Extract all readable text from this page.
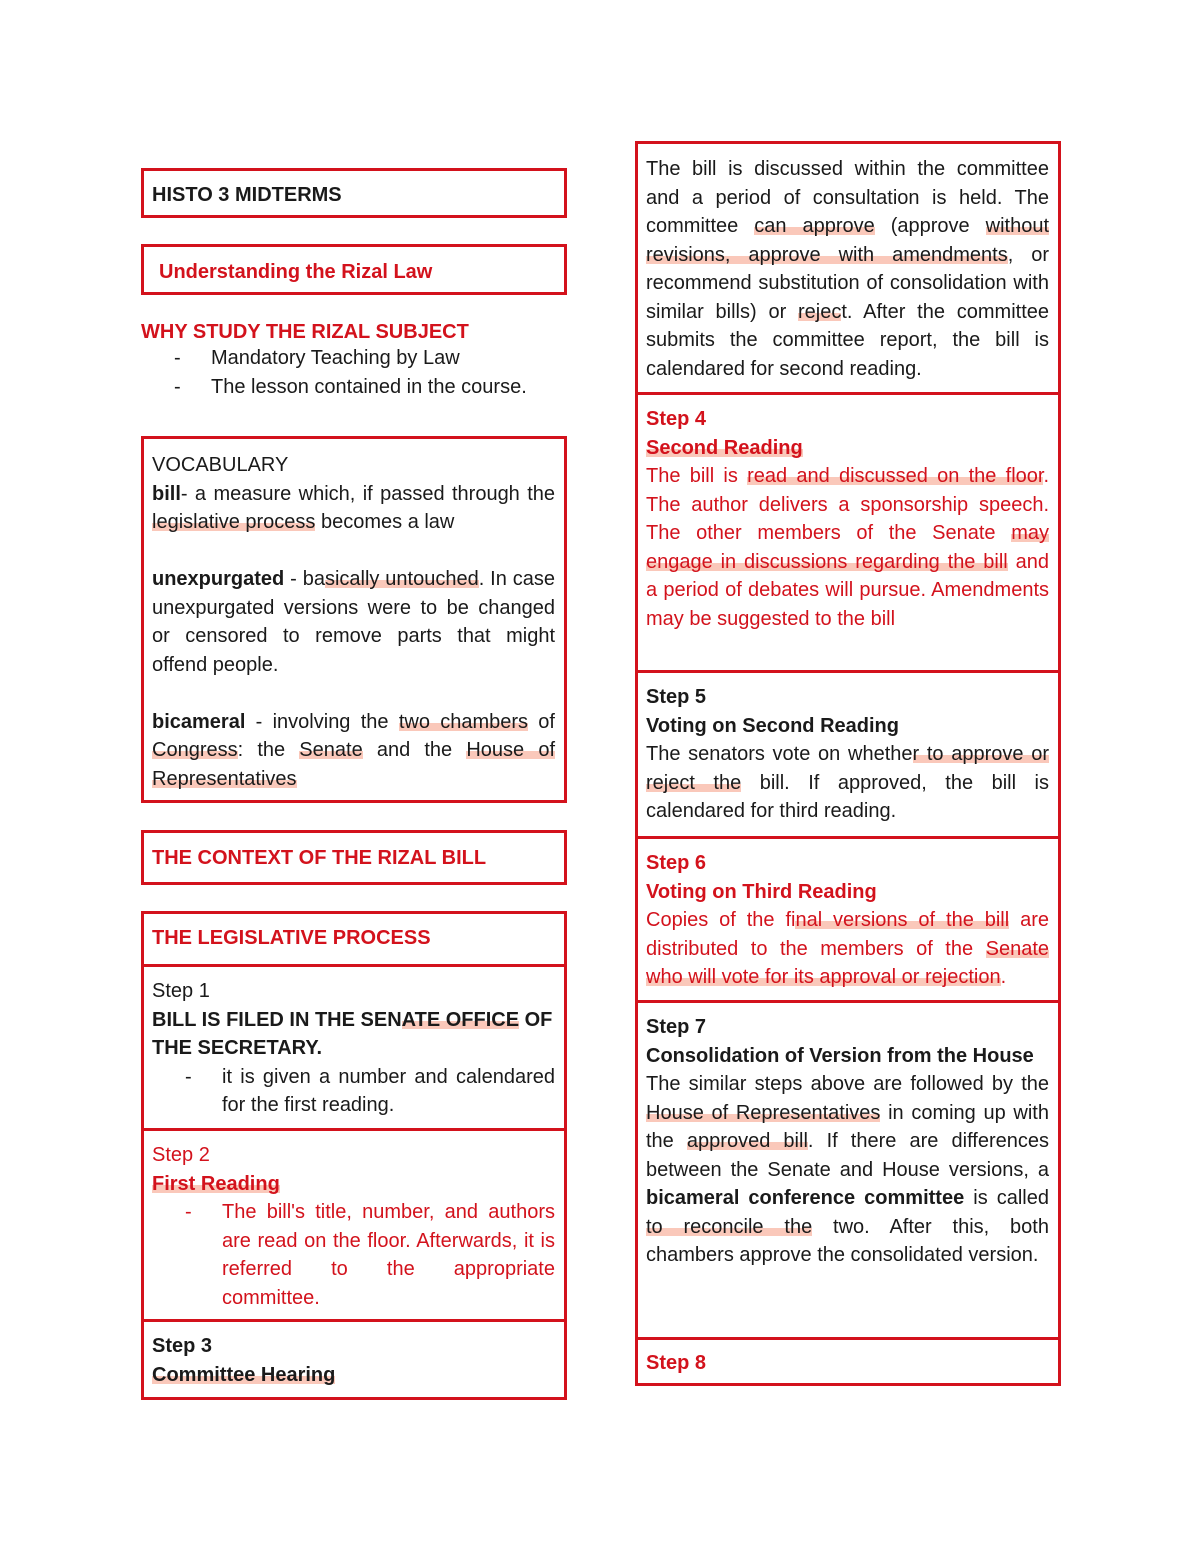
HISTO 3 MIDTERMS
Understanding the Rizal Law
WHY STUDY THE RIZAL SUBJECT
- Mandatory Teaching by Law
- The lesson contained in the course.

VOCABULARY

bill- a measure which, if passed through the legislative process becomes a law

unexpurgated - basically untouched. In case unexpurgated versions were to be changed or censored to remove parts that might offend people.

bicameral - involving the two chambers of Congress: the Senate and the House of Representatives

THE CONTEXT OF THE RIZAL BILL
THE LEGISLATIVE PROCESS

Step 1

BILL IS FILED IN THE SENATE OFFICE OF THE SECRETARY.

- it is given a number and calendared for the first reading.

Step 2

First Reading

- The bill's title, number, and authors are read on the floor. Afterwards, it is referred to the appropriate committee.

Step 3

Committee Hearing

The bill is discussed within the committee and a period of consultation is held. The committee can approve (approve without revisions, approve with amendments, or recommend substitution of consolidation with similar bills) or reject. After the committee submits the committee report, the bill is calendared for second reading.

Step 4

Second Reading

The bill is read and discussed on the floor. The author delivers a sponsorship speech. The other members of the Senate may engage in discussions regarding the bill and a period of debates will pursue. Amendments may be suggested to the bill

Step 5

Voting on Second Reading

The senators vote on whether to approve or reject the bill. If approved, the bill is calendared for third reading.

Step 6

Voting on Third Reading

Copies of the final versions of the bill are distributed to the members of the Senate who will vote for its approval or rejection.

Step 7

Consolidation of Version from the House

The similar steps above are followed by the House of Representatives in coming up with the approved bill. If there are differences between the Senate and House versions, a bicameral conference committee is called to reconcile the two. After this, both chambers approve the consolidated version.

Step 8
